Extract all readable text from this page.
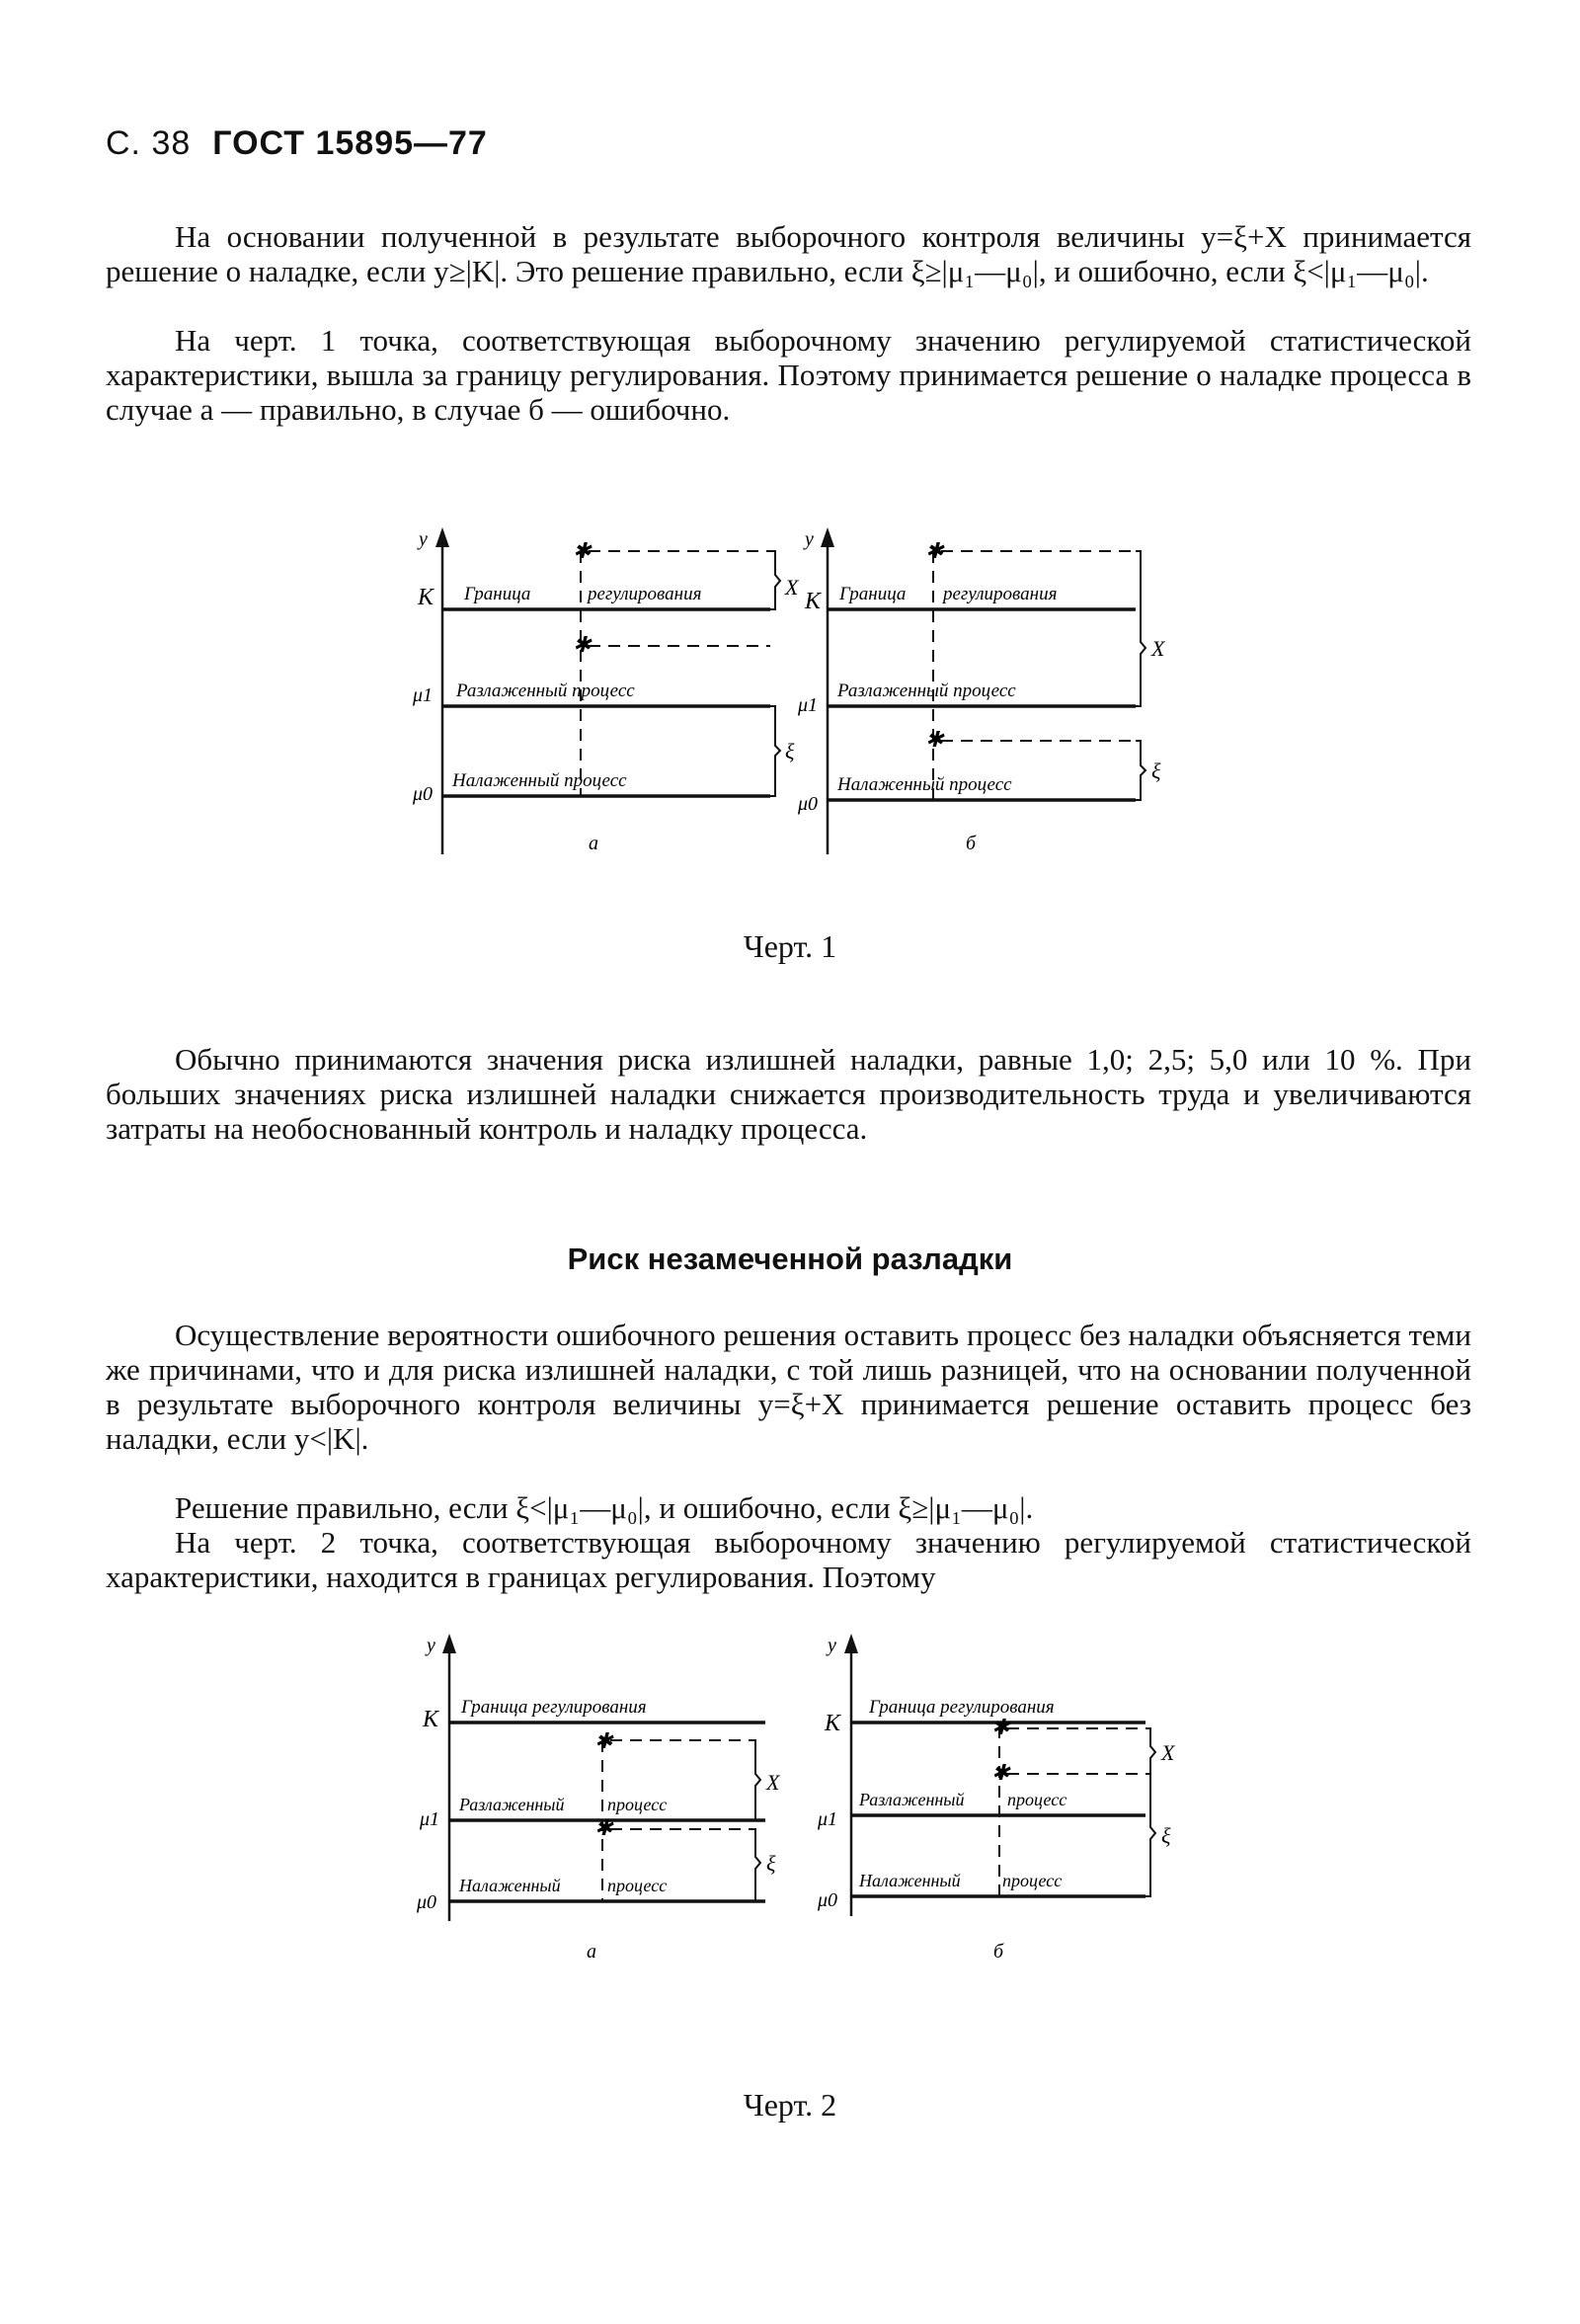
С. 38 ГОСТ 15895—77

На основании полученной в результате выборочного контроля величины y=ξ+X принимается решение о наладке, если y≥|K|. Это решение правильно, если ξ≥|μ₁—μ₀|, и ошибочно, если ξ<|μ₁—μ₀|.

На черт. 1 точка, соответствующая выборочному значению регулируемой статистической характеристики, вышла за границу регулирования. Поэтому принимается решение о наладке процесса в случае а — правильно, в случае б — ошибочно.

y
K
μ1
μ0
Граница	регулирования
Разлаженный процесс
Налаженный процесс
✱
✱
X
ξ
а
y
K
μ1
μ0
Граница регулирования
Разлаженный процесс
Налаженный процесс
✱
✱
X
ξ
б
Черт. 1

Обычно принимаются значения риска излишней наладки, равные 1,0; 2,5; 5,0 или 10 %. При больших значениях риска излишней наладки снижается производительность труда и увеличиваются затраты на необоснованный контроль и наладку процесса.

Риск незамеченной разладки

Осуществление вероятности ошибочного решения оставить процесс без наладки объясняется теми же причинами, что и для риска излишней наладки, с той лишь разницей, что на основании полученной в результате выборочного контроля величины y=ξ+X принимается решение оставить процесс без наладки, если y<|K|.

Решение правильно, если ξ<|μ₁—μ₀|, и ошибочно, если ξ≥|μ₁—μ₀|.

На черт. 2 точка, соответствующая выборочному значению регулируемой статистической характеристики, находится в границах регулирования. Поэтому

y
K
μ1
μ0
Граница регулирования
Разлаженный процесс
Налаженный	процесс
✱
✱
X
ξ
а
y
K
μ1
μ0
Граница регулирования
Разлаженный процесс
Налаженный процесс
✱
✱
X
ξ
б
Черт. 2
